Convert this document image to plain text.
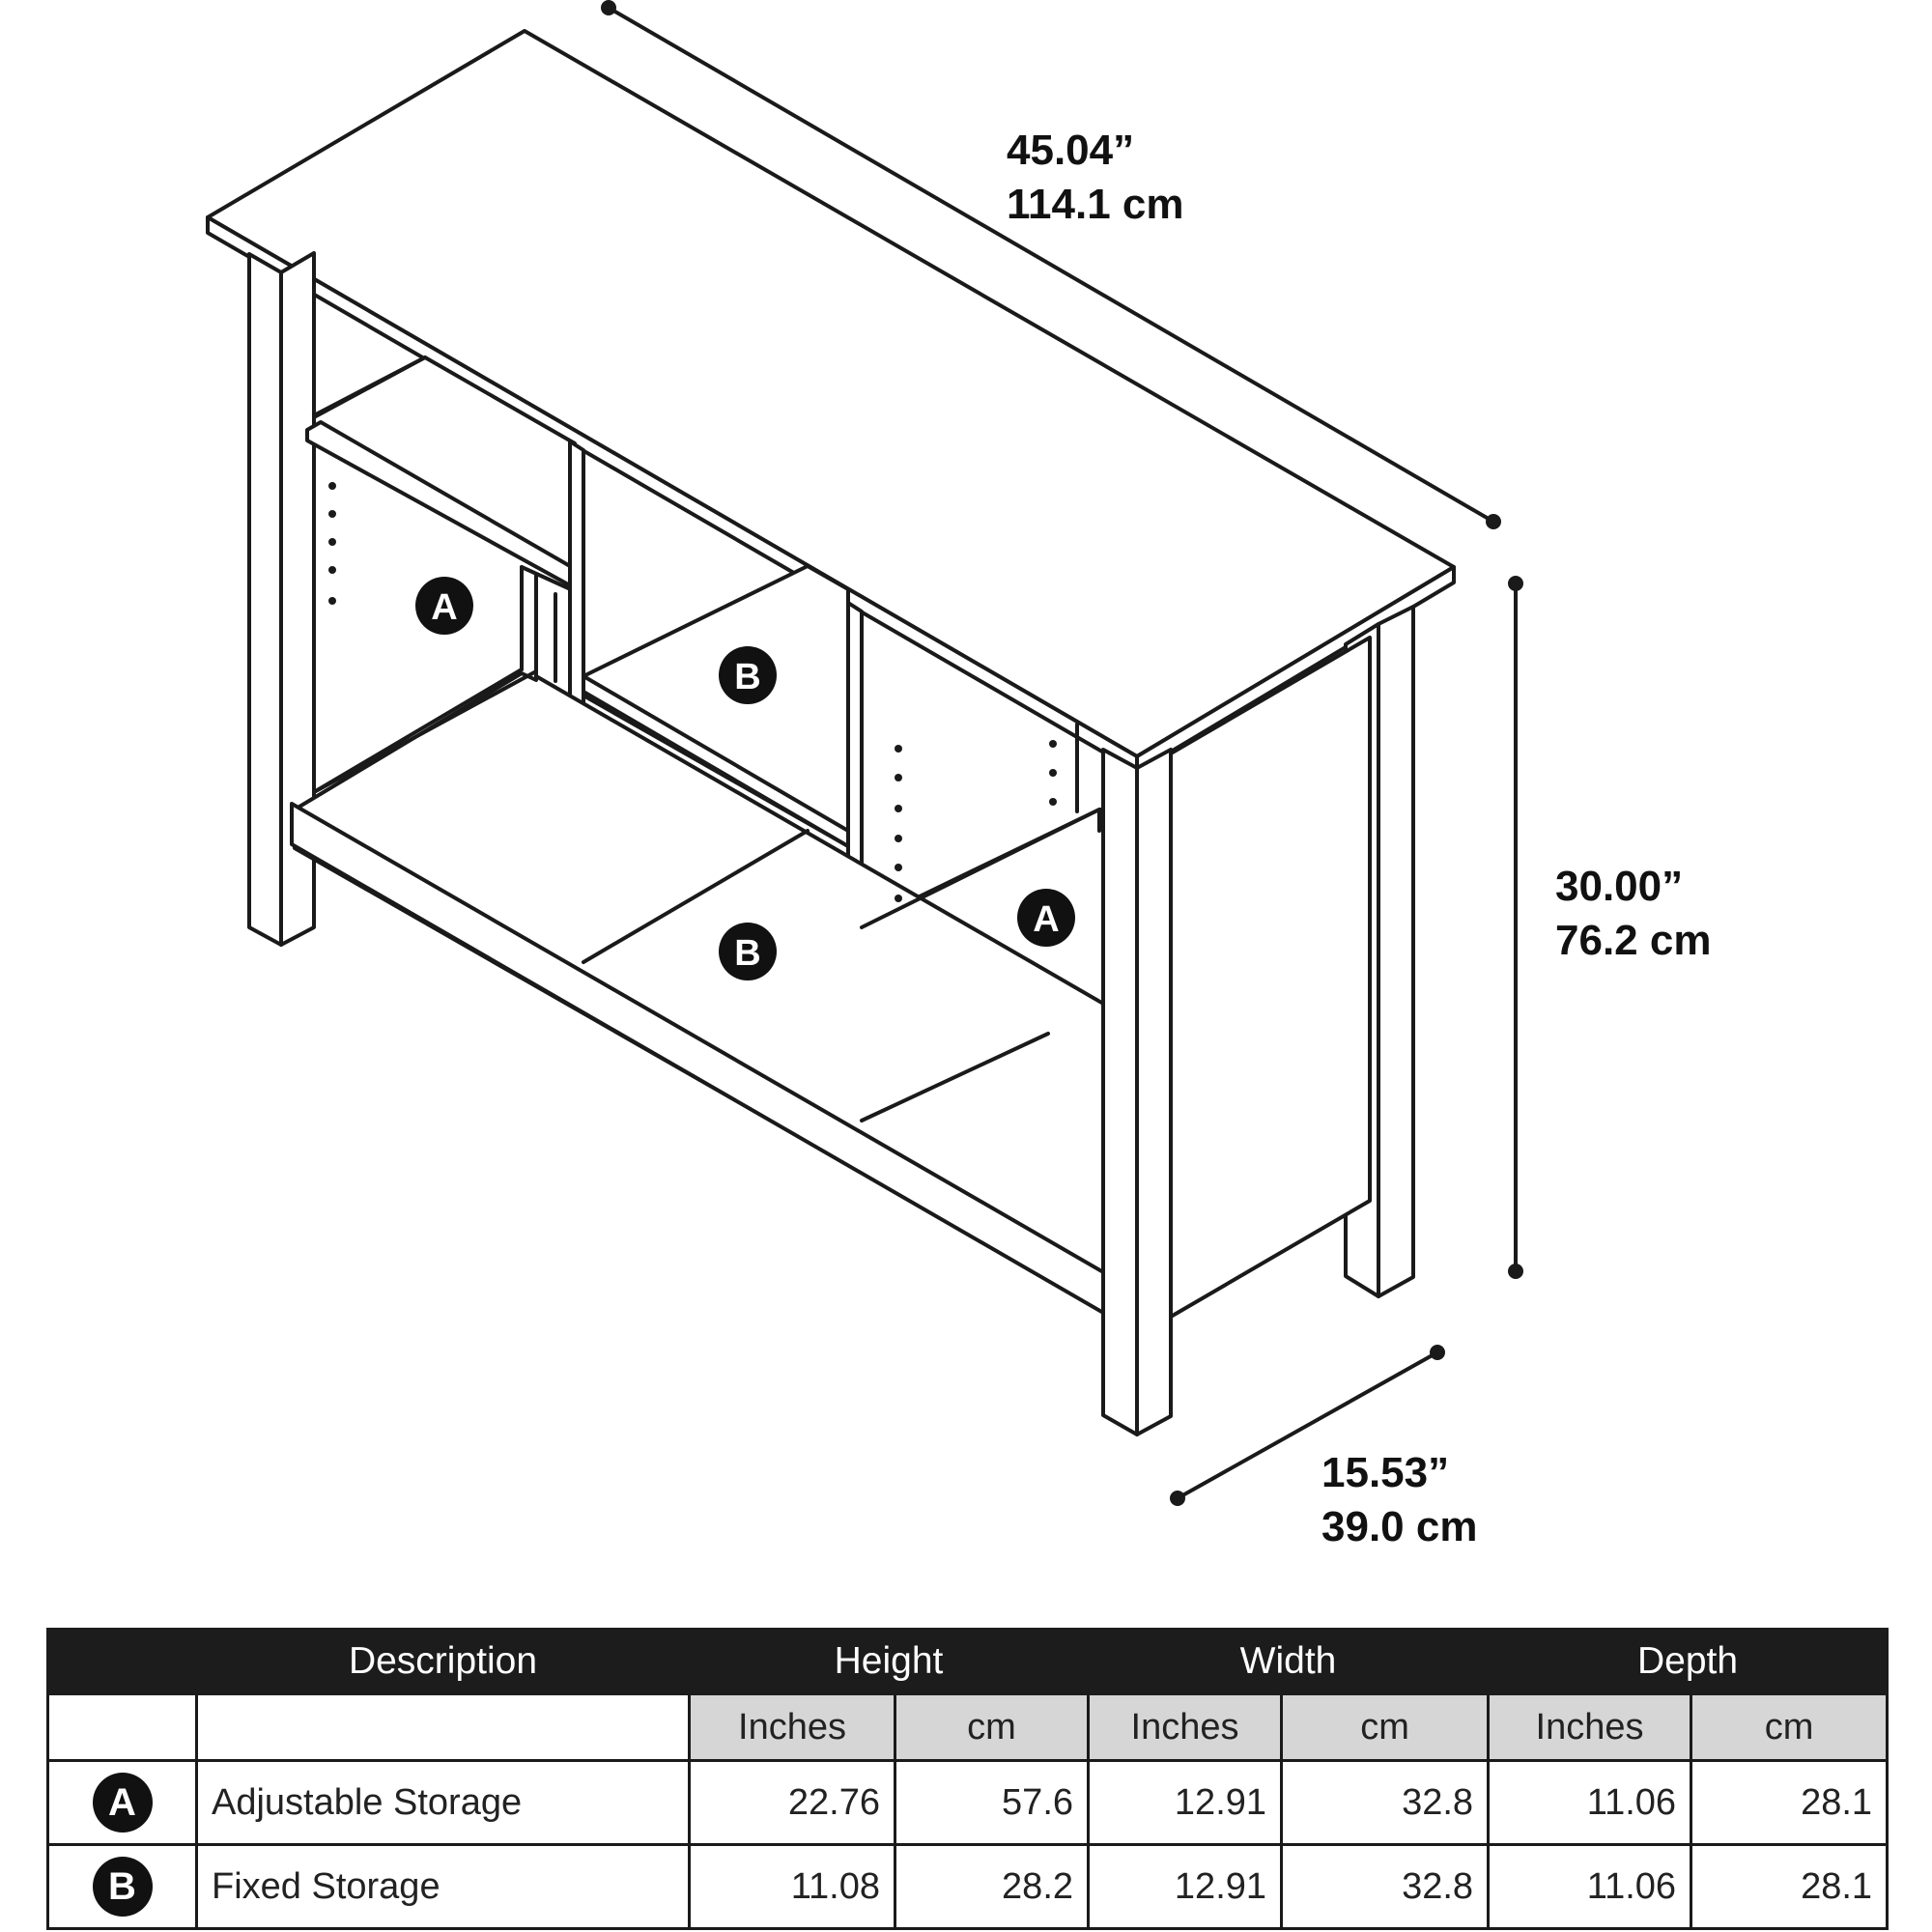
A
B
B
A
45.04”
114.1 cm
30.00”
76.2 cm
15.53”
39.0 cm
	Description	Height		Width		Depth	
		Inches	cm	Inches	cm	Inches	cm
A	Adjustable Storage	22.76	57.6	12.91	32.8	11.06	28.1
B	Fixed Storage	11.08	28.2	12.91	32.8	11.06	28.1
